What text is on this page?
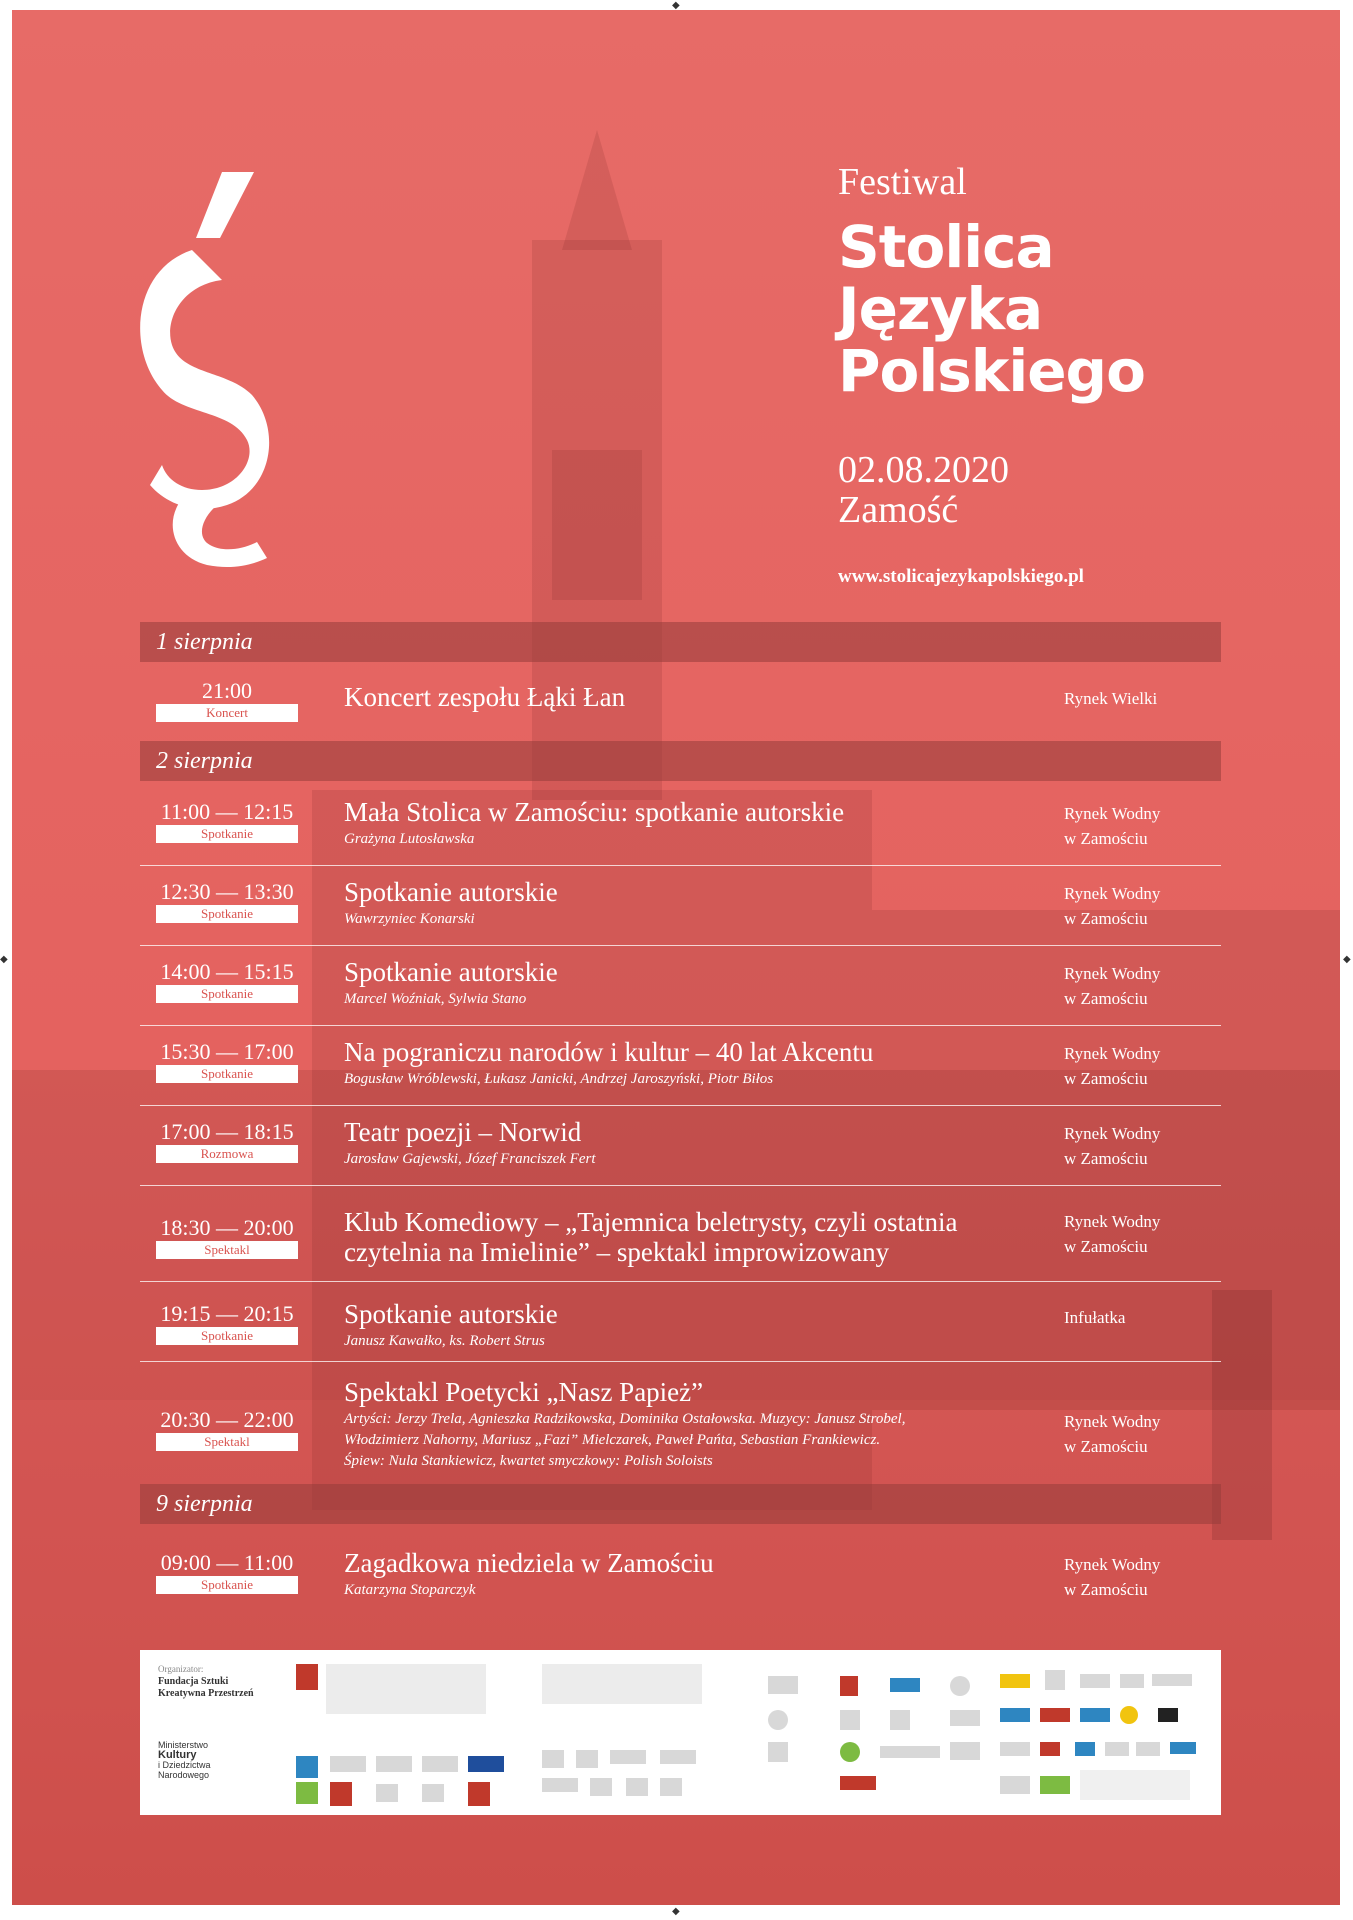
Festiwal
Stolica
Języka
Polskiego
02.08.2020
Zamość
www.stolicajezykapolskiego.pl
1 sierpnia
21:00
Koncert
Koncert zespołu Łąki Łan	Rynek Wielki
2 sierpnia
11:00 — 12:15
Spotkanie
Mała Stolica w Zamościu: spotkanie autorskie
Grażyna Lutosławska
Rynek Wodny
w Zamościu
12:30 — 13:30
Spotkanie
Spotkanie autorskie
Wawrzyniec Konarski
Rynek Wodny
w Zamościu
14:00 — 15:15
Spotkanie
Spotkanie autorskie
Marcel Woźniak, Sylwia Stano
Rynek Wodny
w Zamościu
15:30 — 17:00
Spotkanie
Na pograniczu narodów i kultur – 40 lat Akcentu
Bogusław Wróblewski, Łukasz Janicki, Andrzej Jaroszyński, Piotr Biłos
Rynek Wodny
w Zamościu
17:00 — 18:15
Rozmowa
Teatr poezji – Norwid
Jarosław Gajewski, Józef Franciszek Fert
Rynek Wodny
w Zamościu
18:30 — 20:00
Spektakl
Klub Komediowy – „Tajemnica beletrysty, czyli ostatnia
czytelnia na Imielinie” – spektakl improwizowany
Rynek Wodny
w Zamościu
19:15 — 20:15
Spotkanie
Spotkanie autorskie
Janusz Kawałko, ks. Robert Strus
Infułatka
20:30 — 22:00
Spektakl
Spektakl Poetycki „Nasz Papież”
Artyści: Jerzy Trela, Agnieszka Radzikowska, Dominika Ostałowska. Muzycy: Janusz Strobel,
Włodzimierz Nahorny, Mariusz „Fazi” Mielczarek, Paweł Pańta, Sebastian Frankiewicz.
Śpiew: Nula Stankiewicz, kwartet smyczkowy: Polish Soloists
Rynek Wodny
w Zamościu
9 sierpnia
09:00 — 11:00
Spotkanie
Zagadkowa niedziela w Zamościu
Katarzyna Stoparczyk
Rynek Wodny
w Zamościu
Organizator:
Fundacja Sztuki
Kreatywna Przestrzeń
Ministerstwo
Kultury
i Dziedzictwa
Narodowego
◆
◆
◆	◆
